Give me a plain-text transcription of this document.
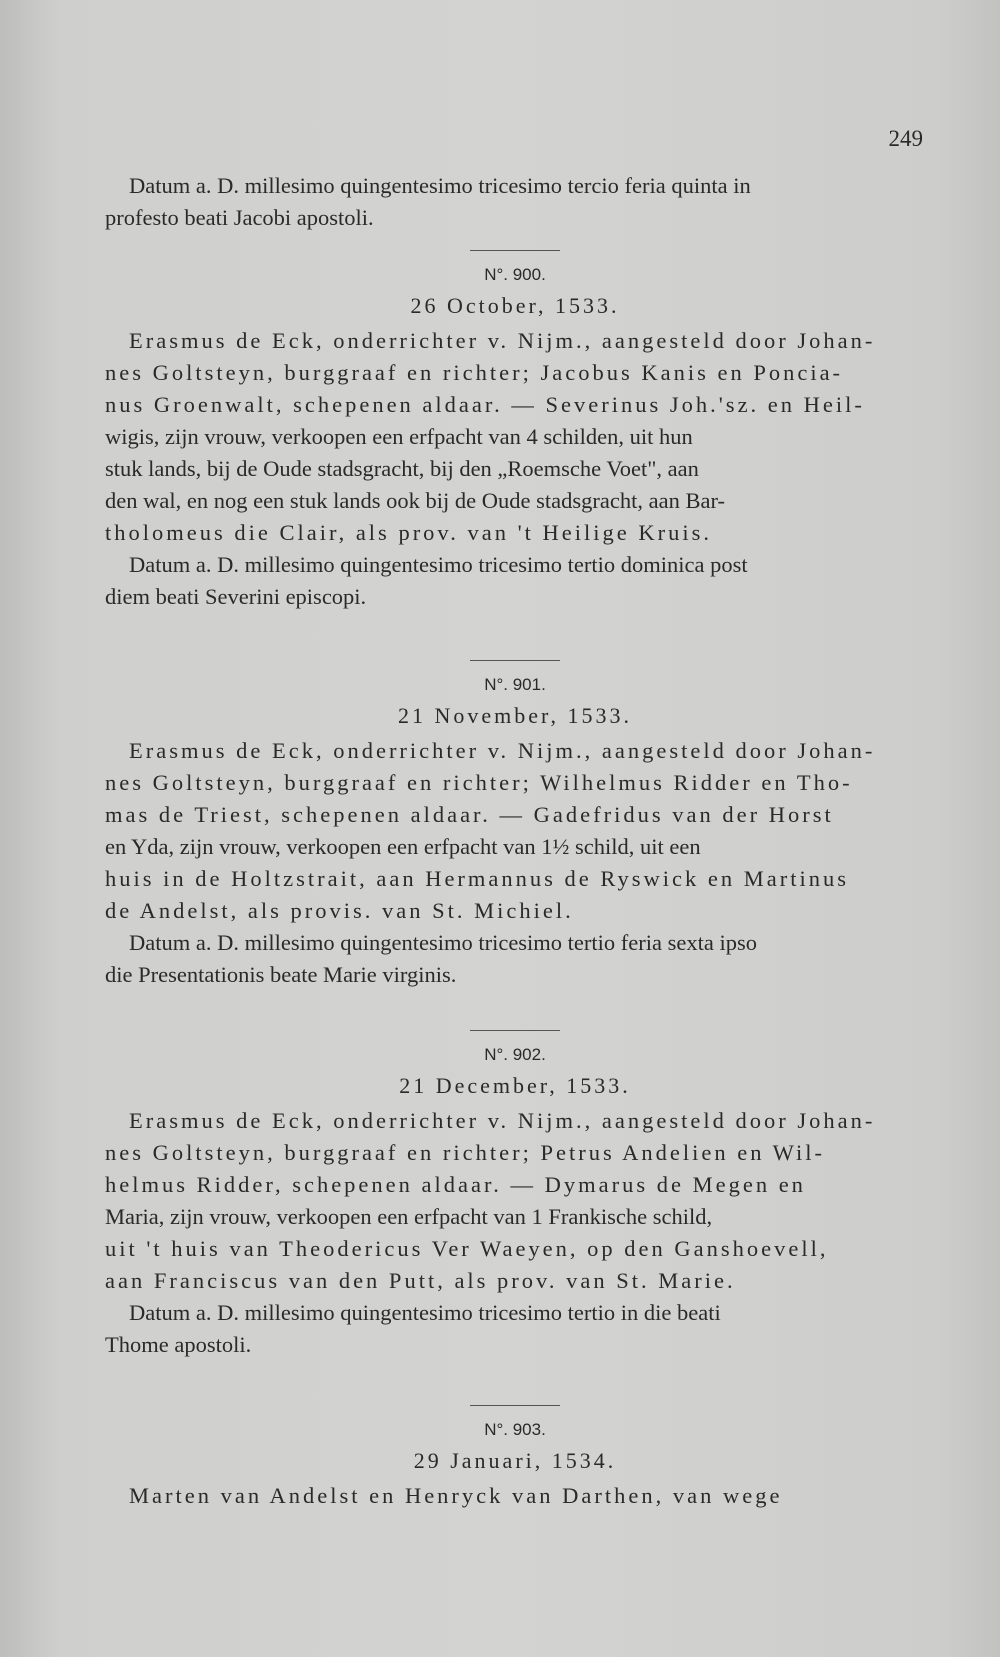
249

Datum a. D. millesimo quingentesimo tricesimo tercio feria quinta in

profesto beati Jacobi apostoli.

N°. 900.

26 October, 1533.

Erasmus de Eck, onderrichter v. Nijm., aangesteld door Johan-

nes Goltsteyn, burggraaf en richter; Jacobus Kanis en Poncia-

nus Groenwalt, schepenen aldaar. — Severinus Joh.'sz. en Heil-

wigis, zijn vrouw, verkoopen een erfpacht van 4 schilden, uit hun

stuk lands, bij de Oude stadsgracht, bij den „Roemsche Voet", aan

den wal, en nog een stuk lands ook bij de Oude stadsgracht, aan Bar-

tholomeus die Clair, als prov. van 't Heilige Kruis.

Datum a. D. millesimo quingentesimo tricesimo tertio dominica post

diem beati Severini episcopi.

N°. 901.

21 November, 1533.

Erasmus de Eck, onderrichter v. Nijm., aangesteld door Johan-

nes Goltsteyn, burggraaf en richter; Wilhelmus Ridder en Tho-

mas de Triest, schepenen aldaar. — Gadefridus van der Horst

en Yda, zijn vrouw, verkoopen een erfpacht van 1½ schild, uit een

huis in de Holtzstrait, aan Hermannus de Ryswick en Martinus

de Andelst, als provis. van St. Michiel.

Datum a. D. millesimo quingentesimo tricesimo tertio feria sexta ipso

die Presentationis beate Marie virginis.

N°. 902.

21 December, 1533.

Erasmus de Eck, onderrichter v. Nijm., aangesteld door Johan-

nes Goltsteyn, burggraaf en richter; Petrus Andelien en Wil-

helmus Ridder, schepenen aldaar. — Dymarus de Megen en

Maria, zijn vrouw, verkoopen een erfpacht van 1 Frankische schild,

uit 't huis van Theodericus Ver Waeyen, op den Ganshoevell,

aan Franciscus van den Putt, als prov. van St. Marie.

Datum a. D. millesimo quingentesimo tricesimo tertio in die beati

Thome apostoli.

N°. 903.

29 Januari, 1534.

Marten van Andelst en Henryck van Darthen, van wege
